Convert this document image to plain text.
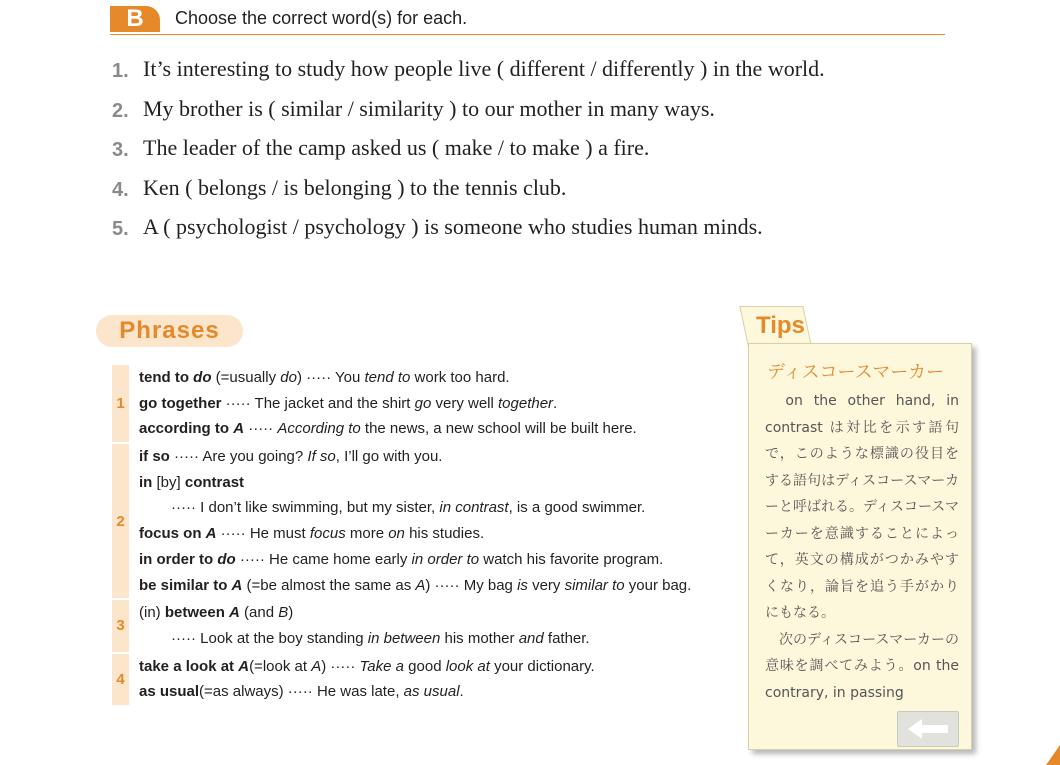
B	Choose the correct word(s) for each.
1. It’s interesting to study how people live ( different / differently ) in the world.
2. My brother is ( similar / similarity ) to our mother in many ways.
3. The leader of the camp asked us ( make / to make ) a fire.
4. Ken ( belongs / is belonging ) to the tennis club.
5. A ( psychologist / psychology ) is someone who studies human minds.
Phrases
1
tend to do (=usually do) ····· You tend to work too hard.
go together ····· The jacket and the shirt go very well together.
according to A ····· According to the news, a new school will be built here.
2
if so ····· Are you going? If so, I’ll go with you.
in [by] contrast
····· I don’t like swimming, but my sister, in contrast, is a good swimmer.
focus on A ····· He must focus more on his studies.
in order to do ····· He came home early in order to watch his favorite program.
be similar to A (=be almost the same as A) ····· My bag is very similar to your bag.
3
(in) between A (and B)
····· Look at the boy standing in between his mother and father.
4
take a look at A(=look at A) ····· Take a good look at your dictionary.
as usual(=as always) ····· He was late, as usual.
Tips
ディスコースマーカー
　on the other hand, in contrast は対比を示す語句で，このような標識の役目をする語句はディスコースマーカーと呼ばれる。ディスコースマーカーを意識することによって，英文の構成がつかみやすくなり，論旨を追う手がかりにもなる。
　次のディスコースマーカーの意味を調べてみよう。on the contrary, in passing
